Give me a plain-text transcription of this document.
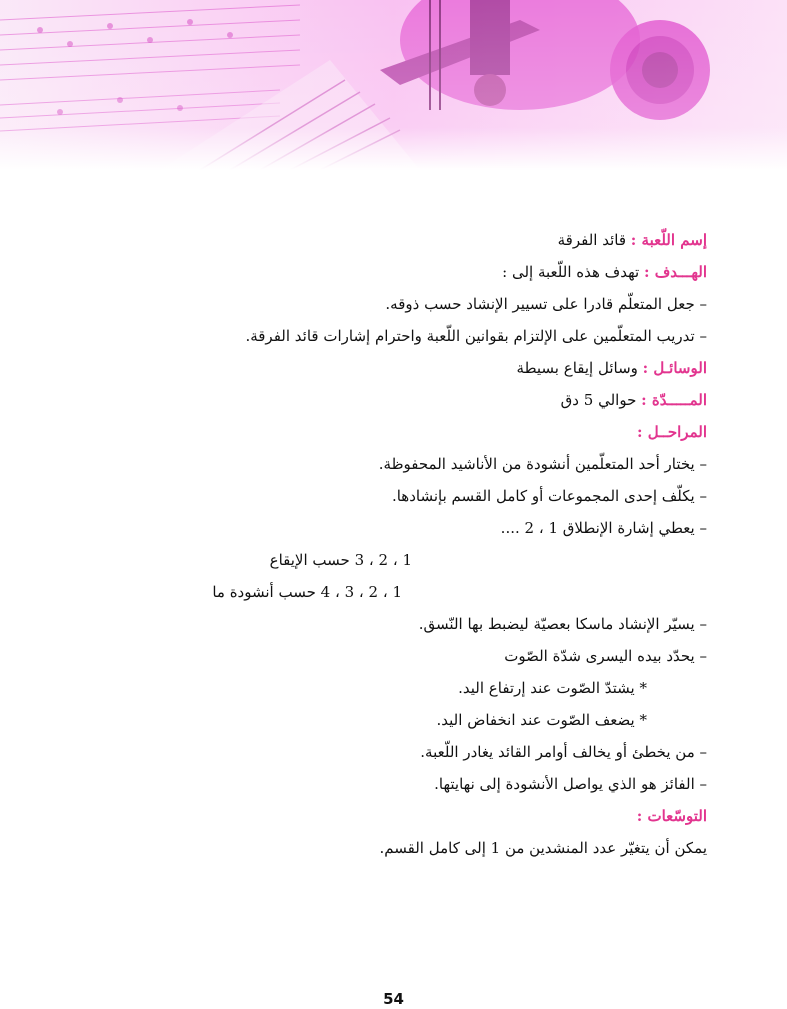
إسم اللّعبة : قائد الفرقة
الهـــدف : تهدف هذه اللّعبة إلى :
– جعل المتعلّم قادرا على تسيير الإنشاد حسب ذوقه.
– تدريب المتعلّمين على الإلتزام بقوانين اللّعبة واحترام إشارات قائد الفرقة.
الوسائـل : وسائل إيقاع بسيطة
المـــــدّة : حوالي 5 دق
المراحــل :
– يختار أحد المتعلّمين أنشودة من الأناشيد المحفوظة.
– يكلّف إحدى المجموعات أو كامل القسم بإنشادها.
– يعطي إشارة الإنطلاق 1 ، 2 ....
1 ، 2 ، 3 حسب الإيقاع
1 ، 2 ، 3 ، 4 حسب أنشودة ما
– يسيّر الإنشاد ماسكا بعصيّة ليضبط بها النّسق.
– يحدّد بيده اليسرى شدّة الصّوت
* يشتدّ الصّوت عند إرتفاع اليد.
* يضعف الصّوت عند انخفاض اليد.
– من يخطئ أو يخالف أوامر القائد يغادر اللّعبة.
– الفائز هو الذي يواصل الأنشودة إلى نهايتها.
التوسّعات :
يمكن أن يتغيّر عدد المنشدين من 1 إلى كامل القسم.
54
